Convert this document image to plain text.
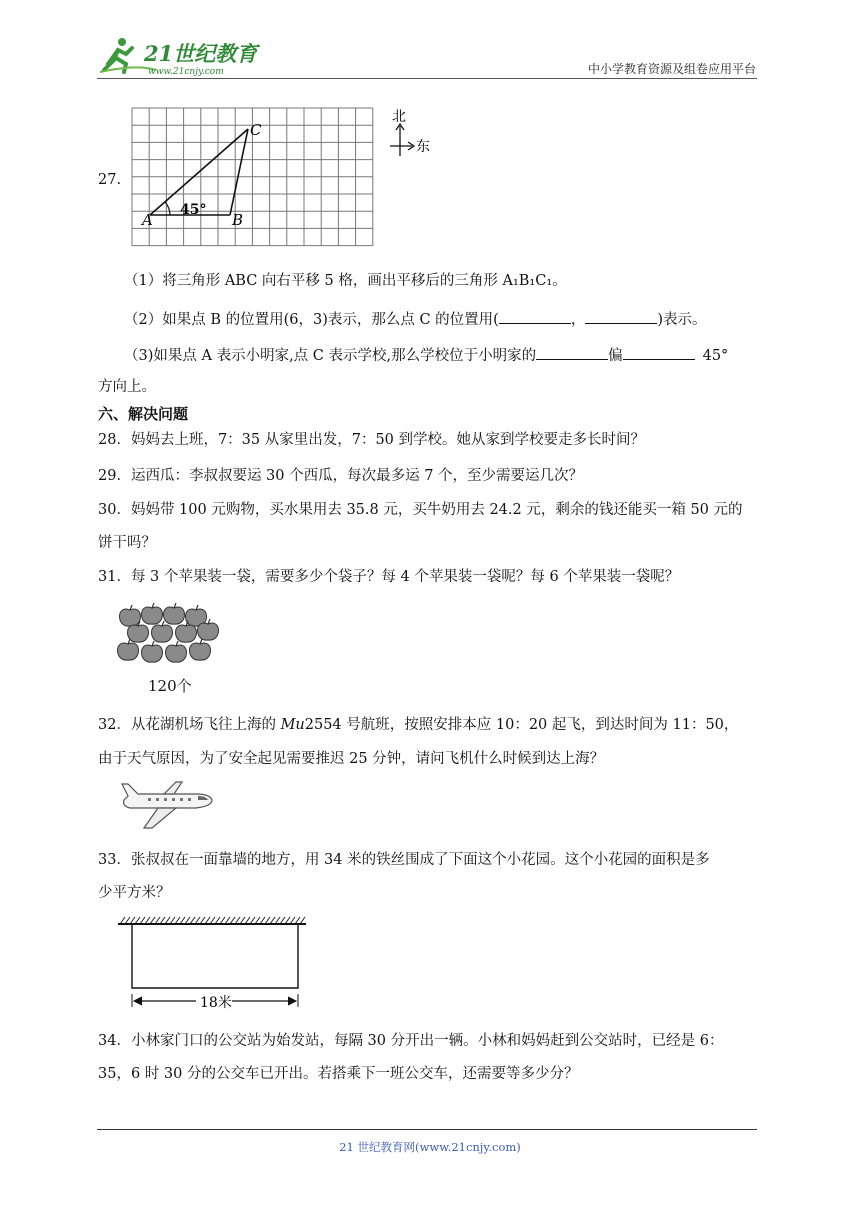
21世纪教育
www.21cnjy.com	中小学教育资源及组卷应用平台
27.
A	B
C
45°
北
东
（1）将三角形 ABC 向右平移 5 格，画出平移后的三角形 A₁B₁C₁。
（2）如果点 B 的位置用(6，3)表示，那么点 C 的位置用(	，	)表示。
（3)如果点 A 表示小明家,点 C 表示学校,那么学校位于小明家的	偏	45°
方向上。
六、解决问题
28．妈妈去上班，7：35 从家里出发，7：50 到学校。她从家到学校要走多长时间？
29．运西瓜：李叔叔要运 30 个西瓜，每次最多运 7 个，至少需要运几次？
30．妈妈带 100 元购物，买水果用去 35.8 元，买牛奶用去 24.2 元，剩余的钱还能买一箱 50 元的
饼干吗？
31．每 3 个苹果装一袋，需要多少个袋子？每 4 个苹果装一袋呢？每 6 个苹果装一袋呢？
120个
32．从花湖机场飞往上海的 Mu2554 号航班，按照安排本应 10：20 起飞，到达时间为 11：50，
由于天气原因，为了安全起见需要推迟 25 分钟，请问飞机什么时候到达上海？
33．张叔叔在一面靠墙的地方，用 34 米的铁丝围成了下面这个小花园。这个小花园的面积是多
少平方米？
18米
34．小林家门口的公交站为始发站，每隔 30 分开出一辆。小林和妈妈赶到公交站时，已经是 6：
35，6 时 30 分的公交车已开出。若搭乘下一班公交车，还需要等多少分？
21 世纪教育网(www.21cnjy.com)
